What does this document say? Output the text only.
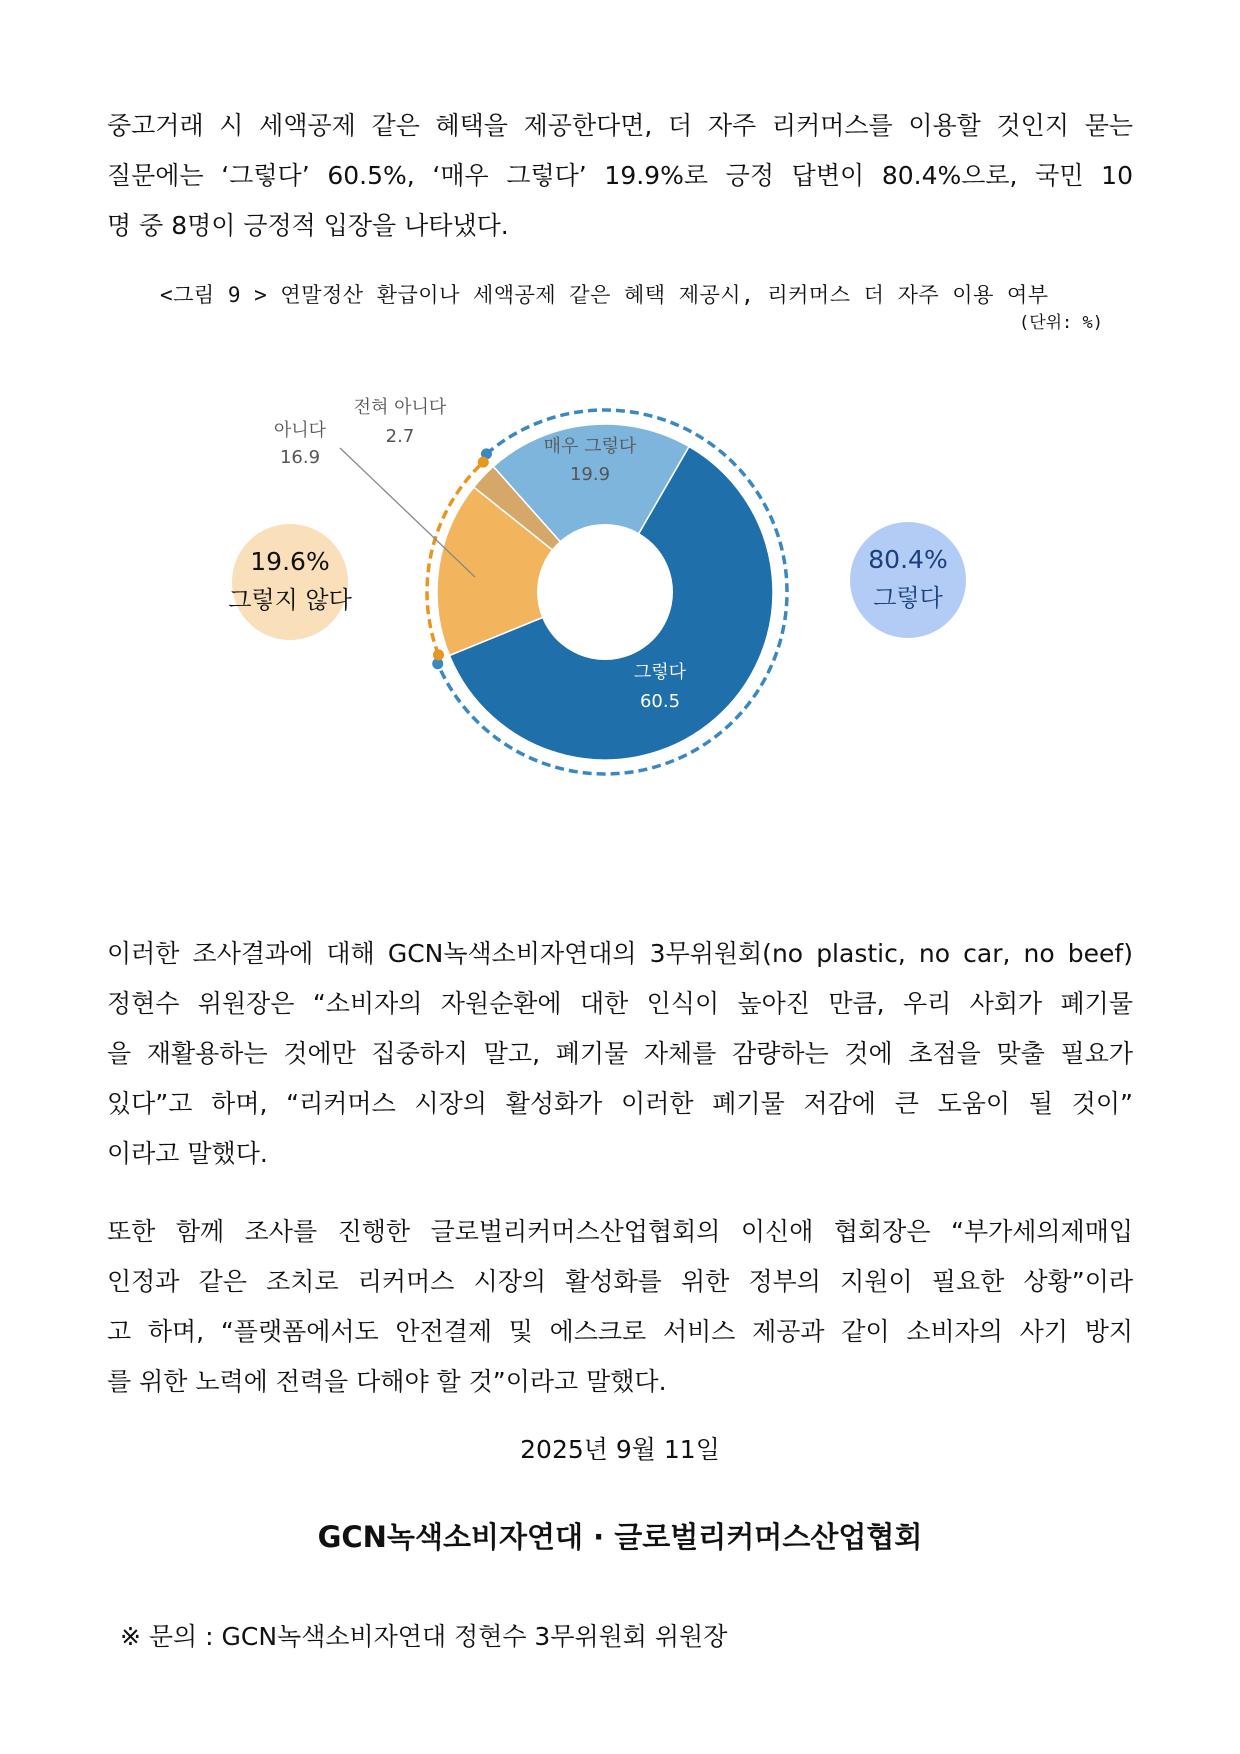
중고거래 시 세액공제 같은 혜택을 제공한다면, 더 자주 리커머스를 이용할 것인지 묻는
질문에는 ‘그렇다’ 60.5%, ‘매우 그렇다’ 19.9%로 긍정 답변이 80.4%으로, 국민 10
명 중 8명이 긍정적 입장을 나타냈다.
<그림 9 > 연말정산 환급이나 세액공제 같은 혜택 제공시, 리커머스 더 자주 이용 여부
(단위: %)
매우 그렇다
19.9
그렇다
60.5
아니다
16.9
전혀 아니다
2.7
19.6%
그렇지 않다
80.4%
그렇다
이러한 조사결과에 대해 GCN녹색소비자연대의 3무위원회(no plastic, no car, no beef)
정현수 위원장은 “소비자의 자원순환에 대한 인식이 높아진 만큼, 우리 사회가 폐기물
을 재활용하는 것에만 집중하지 말고, 폐기물 자체를 감량하는 것에 초점을 맞출 필요가
있다”고 하며, “리커머스 시장의 활성화가 이러한 폐기물 저감에 큰 도움이 될 것이”
이라고 말했다.
또한 함께 조사를 진행한 글로벌리커머스산업협회의 이신애 협회장은 “부가세의제매입
인정과 같은 조치로 리커머스 시장의 활성화를 위한 정부의 지원이 필요한 상황”이라
고 하며, “플랫폼에서도 안전결제 및 에스크로 서비스 제공과 같이 소비자의 사기 방지
를 위한 노력에 전력을 다해야 할 것”이라고 말했다.
2025년 9월 11일
GCN녹색소비자연대 · 글로벌리커머스산업협회
※ 문의 : GCN녹색소비자연대 정현수 3무위원회 위원장
